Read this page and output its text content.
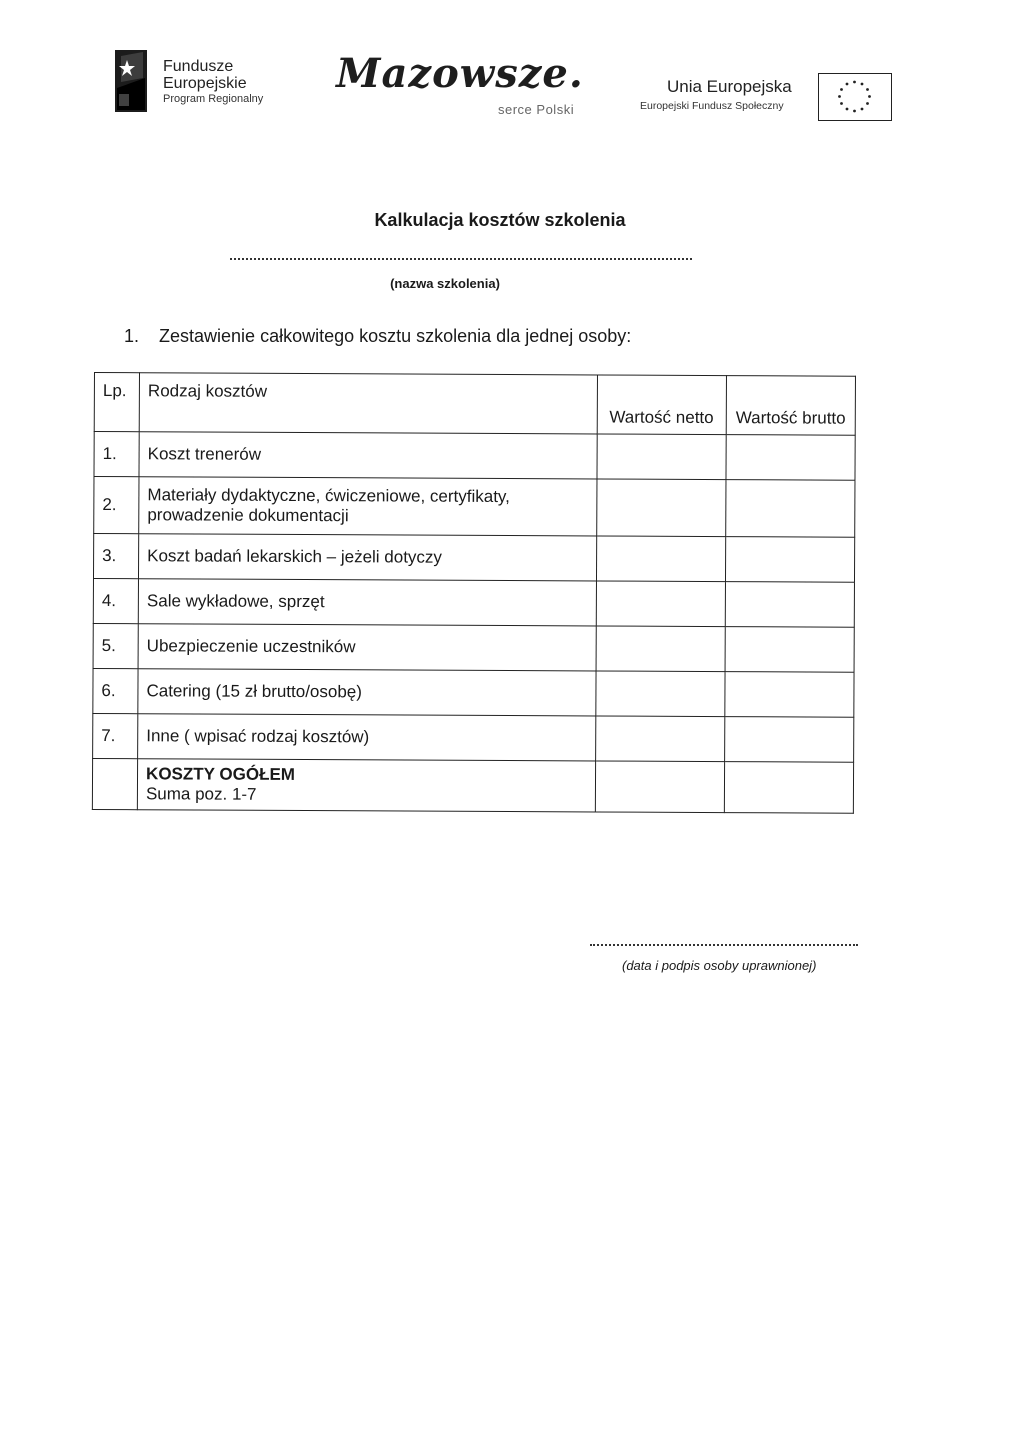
Fundusze
Europejskie
Program Regionalny
Mazowsze.
serce Polski
Unia Europejska
Europejski Fundusz Społeczny
Kalkulacja kosztów szkolenia
(nazwa szkolenia)
1. Zestawienie całkowitego kosztu szkolenia dla jednej osoby:
Lp.	Rodzaj kosztów	Wartość netto	Wartość brutto
1.	Koszt trenerów		
2.	Materiały dydaktyczne, ćwiczeniowe, certyfikaty, prowadzenie dokumentacji		
3.	Koszt badań lekarskich – jeżeli dotyczy		
4.	Sale wykładowe, sprzęt		
5.	Ubezpieczenie uczestników		
6.	Catering (15 zł brutto/osobę)		
7.	Inne ( wpisać rodzaj kosztów)		

	KOSZTY OGÓŁEM
Suma poz. 1-7		

(data i podpis osoby uprawnionej)
